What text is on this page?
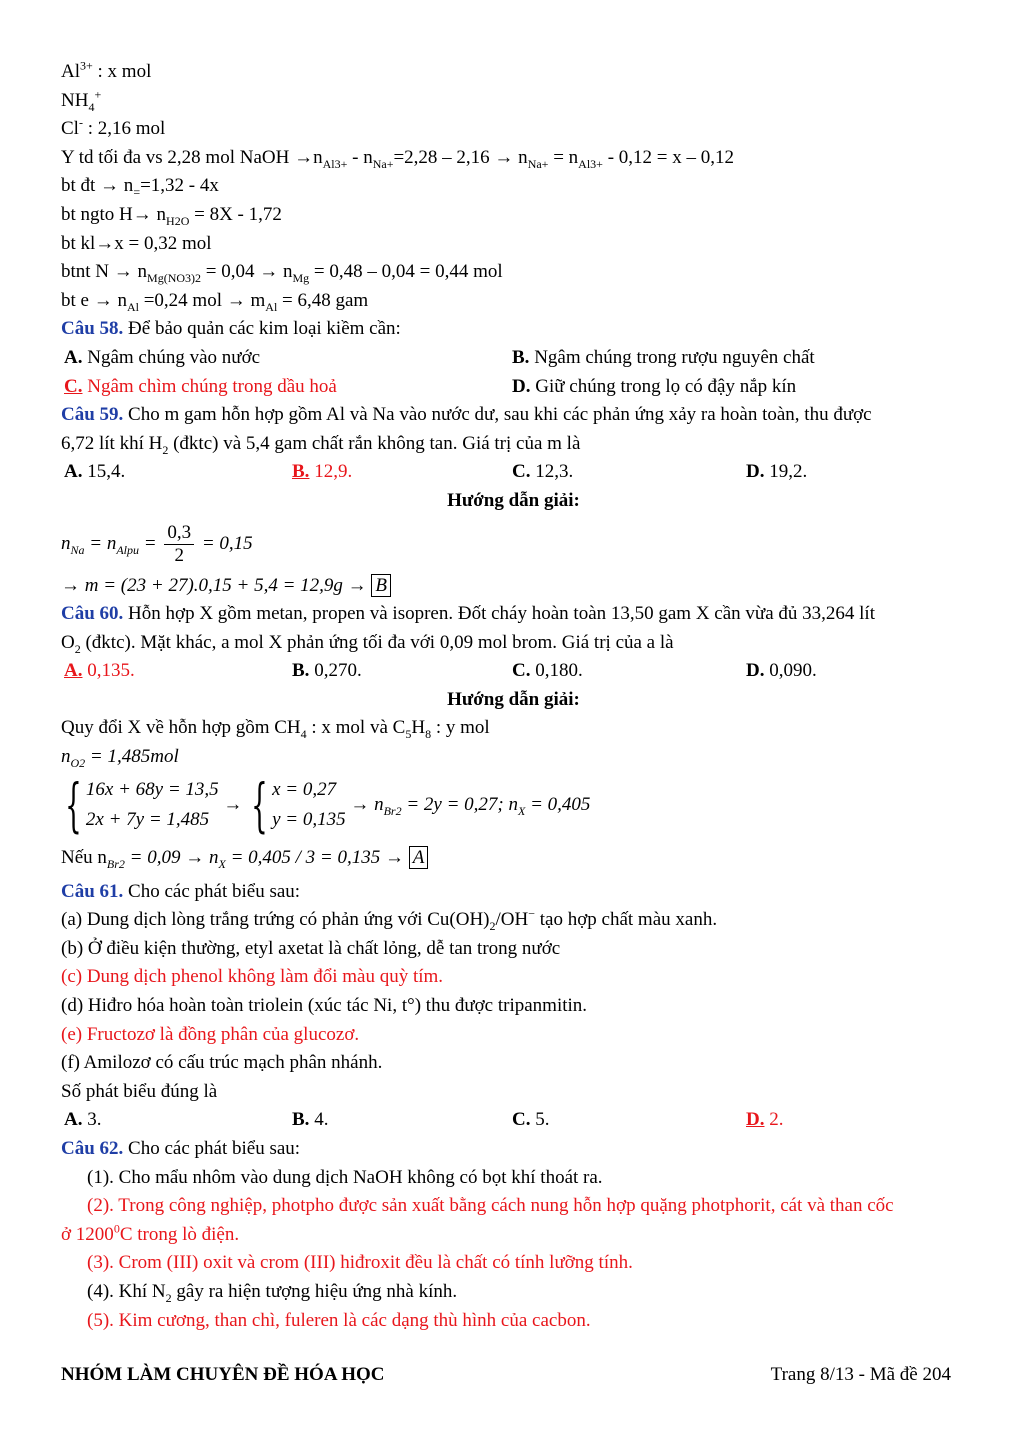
$Al^{3+}$ : x mol
$NH_4^+$
Cl- : 2,16 mol
Y td tối đa vs 2,28 mol NaOH $\to n_{Al3+} - n_{Na+}=2,28 - 2,16 \to n_{Na+} = n_{Al3+} - 0,12 = x - 0,12$
bt đt → $n_==1,32 - 4x$
bt ngto $H\to n_{H2O} = 8X - 1,72$
bt kl→x = 0,32 mol
btnt $N \to n_{Mg(NO3)2} = 0,04 \to n_{Mg} = 0,48 - 0,04 = 0,44$ mol
bt $e \to n_{Al} =0,24$ mol → $m_{Al} = 6,48$ gam
Câu 58. Để bảo quản các kim loại kiềm cần:
A. Ngâm chúng vào nước	B. Ngâm chúng trong rượu nguyên chất
C. Ngâm chìm chúng trong dầu hoả	D. Giữ chúng trong lọ có đậy nắp kín
Câu 59. Cho m gam hỗn hợp gồm Al và Na vào nước dư, sau khi các phản ứng xảy ra hoàn toàn, thu được
6,72 lít khí $H_2$ (đktc) và 5,4 gam chất rắn không tan. Giá trị của m là
A. 15,4.	B. 12,9.	C. 12,3.	D. 19,2.
Hướng dẫn giải:
$n_{Na} = n_{Alpu} = \frac{0,3}{2} = 0,15$
→ m = (23 + 27).0,15 + 5,4 = 12,9g → B
Câu 60. Hỗn hợp X gồm metan, propen và isopren. Đốt cháy hoàn toàn 13,50 gam X cần vừa đủ 33,264 lít
$O_2$ (đktc). Mặt khác, a mol X phản ứng tối đa với 0,09 mol brom. Giá trị của a là
A. 0,135.	B. 0,270.	C. 0,180.	D. 0,090.
Hướng dẫn giải:
Quy đổi X về hỗn hợp gồm $CH_4$ : x mol và $C_5H_8$ : y mol
$n_{O2} = 1,485mol$
{ 16x + 68y = 13,5
2x + 7y = 1,485
→ { x = 0,27
y = 0,135
→ $n_{Br2} = 2y = 0,27$; $n_X = 0,405$
Nếu $n_{Br2} = 0,09 \to n_X = 0,405 / 3 = 0,135 \to A$
Câu 61. Cho các phát biểu sau:
(a) Dung dịch lòng trắng trứng có phản ứng với $Cu(OH)_2/OH^-$ tạo hợp chất màu xanh.
(b) Ở điều kiện thường, etyl axetat là chất lỏng, dễ tan trong nước
(c) Dung dịch phenol không làm đổi màu quỳ tím.
(d) Hiđro hóa hoàn toàn triolein (xúc tác Ni, t°) thu được tripanmitin.
(e) Fructozơ là đồng phân của glucozơ.
(f) Amilozơ có cấu trúc mạch phân nhánh.
Số phát biểu đúng là
A. 3.	B. 4.	C. 5.	D. 2.
Câu 62. Cho các phát biểu sau:
(1). Cho mẩu nhôm vào dung dịch NaOH không có bọt khí thoát ra.
(2). Trong công nghiệp, photpho được sản xuất bằng cách nung hỗn hợp quặng photphorit, cát và than cốc
ở 1200$^0$C trong lò điện.
(3). Crom (III) oxit và crom (III) hiđroxit đều là chất có tính lưỡng tính.
(4). Khí $N_2$ gây ra hiện tượng hiệu ứng nhà kính.
(5). Kim cương, than chì, fuleren là các dạng thù hình của cacbon.
NHÓM LÀM CHUYÊN ĐỀ HÓA HỌC	Trang 8/13 - Mã đề 204
